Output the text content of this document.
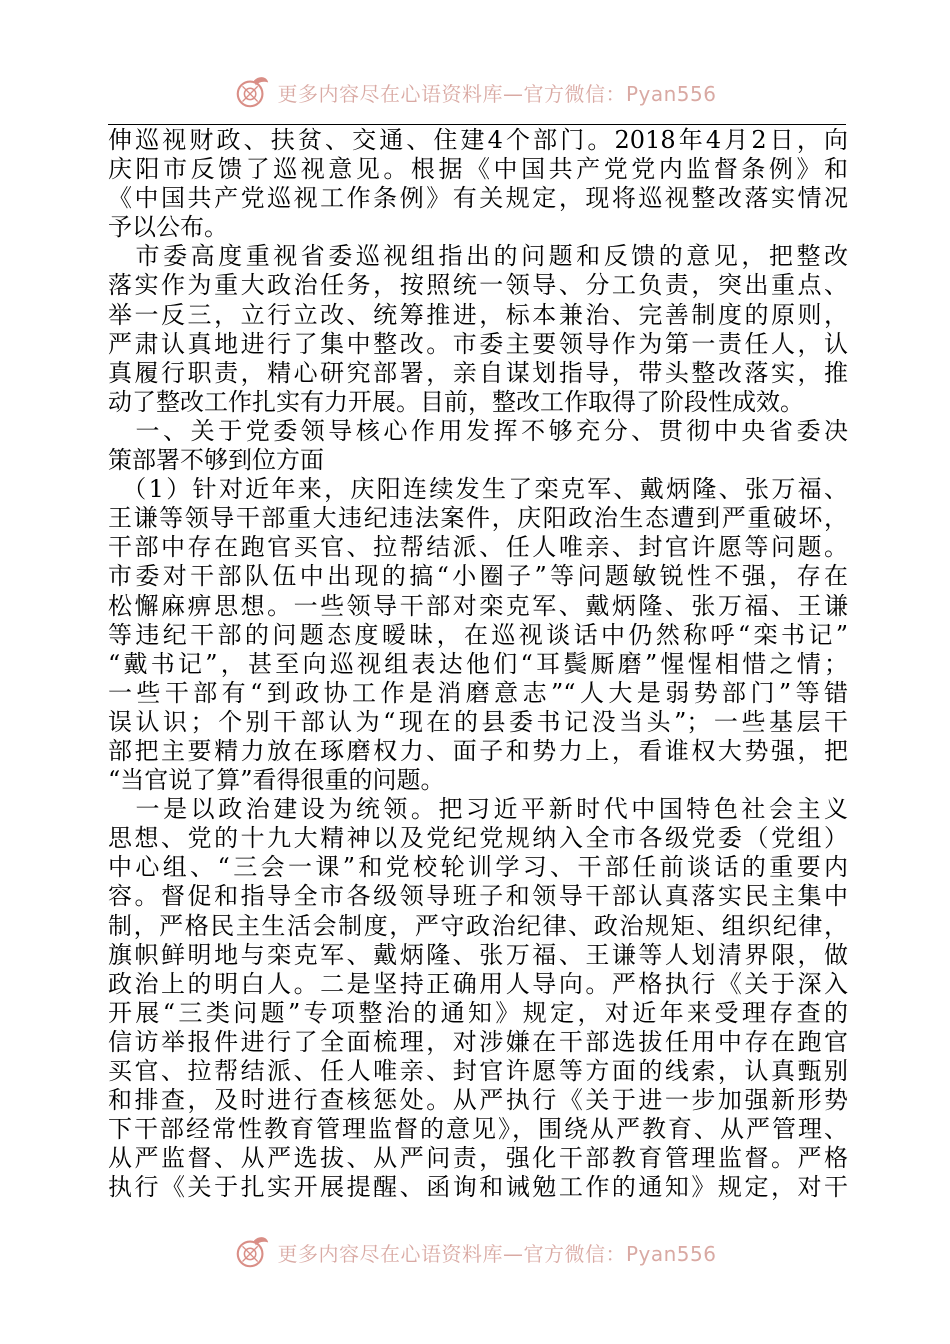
更多内容尽在心语资料库—官方微信：Pyan556
伸巡视财政、扶贫、交通、住建4个部门。2018年4月2日，向
庆阳市反馈了巡视意见。根据《中国共产党党内监督条例》和
《中国共产党巡视工作条例》有关规定，现将巡视整改落实情况
予以公布。
　市委高度重视省委巡视组指出的问题和反馈的意见，把整改
落实作为重大政治任务，按照统一领导、分工负责，突出重点、
举一反三，立行立改、统筹推进，标本兼治、完善制度的原则，
严肃认真地进行了集中整改。市委主要领导作为第一责任人，认
真履行职责，精心研究部署，亲自谋划指导，带头整改落实，推
动了整改工作扎实有力开展。目前，整改工作取得了阶段性成效。
　一、关于党委领导核心作用发挥不够充分、贯彻中央省委决
策部署不够到位方面
　（1）针对近年来，庆阳连续发生了栾克军、戴炳隆、张万福、
王谦等领导干部重大违纪违法案件，庆阳政治生态遭到严重破坏，
干部中存在跑官买官、拉帮结派、任人唯亲、封官许愿等问题。
市委对干部队伍中出现的搞“小圈子”等问题敏锐性不强，存在
松懈麻痹思想。一些领导干部对栾克军、戴炳隆、张万福、王谦
等违纪干部的问题态度暧昧，在巡视谈话中仍然称呼“栾书记”
“戴书记”，甚至向巡视组表达他们“耳鬓厮磨”惺惺相惜之情；
一些干部有“到政协工作是消磨意志”“人大是弱势部门”等错
误认识；个别干部认为“现在的县委书记没当头”；一些基层干
部把主要精力放在琢磨权力、面子和势力上，看谁权大势强，把
“当官说了算”看得很重的问题。
　一是以政治建设为统领。把习近平新时代中国特色社会主义
思想、党的十九大精神以及党纪党规纳入全市各级党委（党组）
中心组、“三会一课”和党校轮训学习、干部任前谈话的重要内
容。督促和指导全市各级领导班子和领导干部认真落实民主集中
制，严格民主生活会制度，严守政治纪律、政治规矩、组织纪律，
旗帜鲜明地与栾克军、戴炳隆、张万福、王谦等人划清界限，做
政治上的明白人。二是坚持正确用人导向。严格执行《关于深入
开展“三类问题”专项整治的通知》规定，对近年来受理存查的
信访举报件进行了全面梳理，对涉嫌在干部选拔任用中存在跑官
买官、拉帮结派、任人唯亲、封官许愿等方面的线索，认真甄别
和排查，及时进行查核惩处。从严执行《关于进一步加强新形势
下干部经常性教育管理监督的意见》，围绕从严教育、从严管理、
从严监督、从严选拔、从严问责，强化干部教育管理监督。严格
执行《关于扎实开展提醒、函询和诫勉工作的通知》规定，对干
更多内容尽在心语资料库—官方微信：Pyan556
